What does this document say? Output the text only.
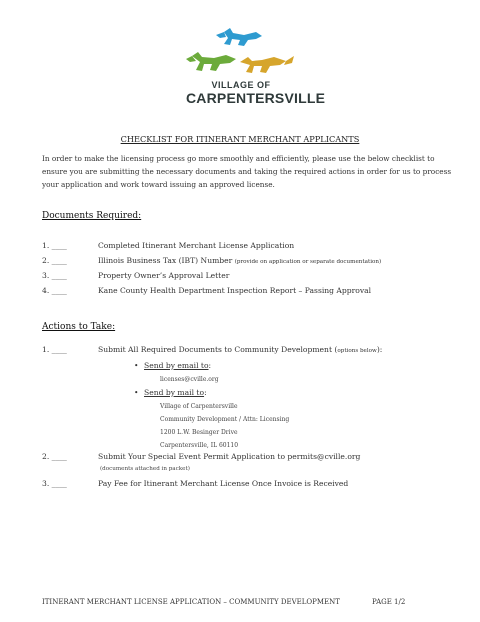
VILLAGE OF
CARPENTERSVILLE
CHECKLIST FOR ITINERANT MERCHANT APPLICANTS
In order to make the licensing process go more smoothly and efficiently, please use the below checklist to ensure you are submitting the necessary documents and taking the required actions in order for us to process your application and work toward issuing an approved license.
Documents Required:
1. ____	Completed Itinerant Merchant License Application
2. ____	Illinois Business Tax (IBT) Number (provide on application or separate documentation)
3. ____	Property Owner’s Approval Letter
4. ____	Kane County Health Department Inspection Report – Passing Approval
Actions to Take:
1. ____	Submit All Required Documents to Community Development (options below):
• Send by email to:
licenses@cville.org
• Send by mail to:
Village of Carpentersville
Community Development / Attn: Licensing
1200 L.W. Besinger Drive
Carpentersville, IL 60110
2. ____	Submit Your Special Event Permit Application to permits@cville.org
(documents attached in packet)
3. ____	Pay Fee for Itinerant Merchant License Once Invoice is Received
ITINERANT MERCHANT LICENSE APPLICATION – COMMUNITY DEVELOPMENT	PAGE 1/2
